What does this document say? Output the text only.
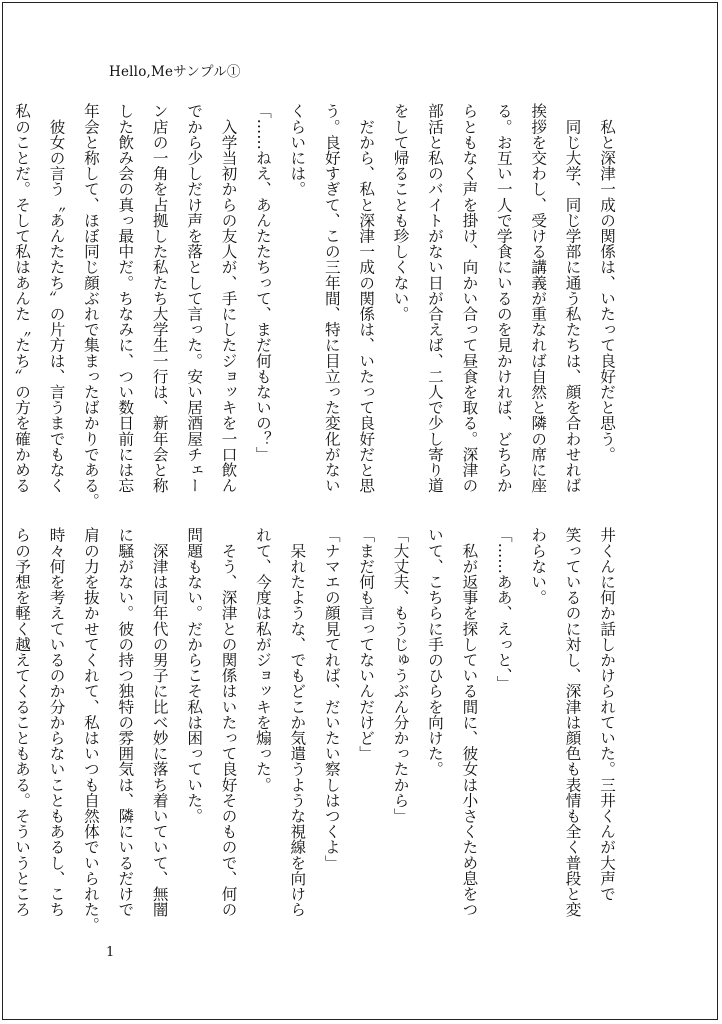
Hello,Meサンプル①
　私と深津一成の関係は、いたって良好だと思う。
　同じ大学、同じ学部に通う私たちは、顔を合わせれば
挨拶を交わし、受ける講義が重なれば自然と隣の席に座
る。お互い一人で学食にいるのを見かければ、どちらか
らともなく声を掛け、向かい合って昼食を取る。深津の
部活と私のバイトがない日が合えば、二人で少し寄り道
をして帰ることも珍しくない。
　だから、私と深津一成の関係は、いたって良好だと思
う。良好すぎて、この三年間、特に目立った変化がない
くらいには。
「……ねえ、あんたたちって、まだ何もないの？」
　入学当初からの友人が、手にしたジョッキを一口飲ん
でから少しだけ声を落として言った。安い居酒屋チェー
ン店の一角を占拠した私たち大学生一行は、新年会と称
した飲み会の真っ最中だ。ちなみに、つい数日前には忘
年会と称して、ほぼ同じ顔ぶれで集まったばかりである。
　彼女の言う〝あんたたち〟の片方は、言うまでもなく
私のことだ。そして私はあんた〝たち〟の方を確かめる
井くんに何か話しかけられていた。三井くんが大声で
笑っているのに対し、深津は顔色も表情も全く普段と変
わらない。
「……ああ、えっと、」
　私が返事を探している間に、彼女は小さくため息をつ
いて、こちらに手のひらを向けた。
「大丈夫、もうじゅうぶん分かったから」
「まだ何も言ってないんだけど」
「ナマエの顔見てれば、だいたい察しはつくよ」
　呆れたような、でもどこか気遣うような視線を向けら
れて、今度は私がジョッキを煽った。
　そう、深津との関係はいたって良好そのもので、何の
問題もない。だからこそ私は困っていた。
　深津は同年代の男子に比べ妙に落ち着いていて、無闇
に騒がない。彼の持つ独特の雰囲気は、隣にいるだけで
肩の力を抜かせてくれて、私はいつも自然体でいられた。
時々何を考えているのか分からないこともあるし、こち
らの予想を軽く越えてくることもある。そういうところ
1
